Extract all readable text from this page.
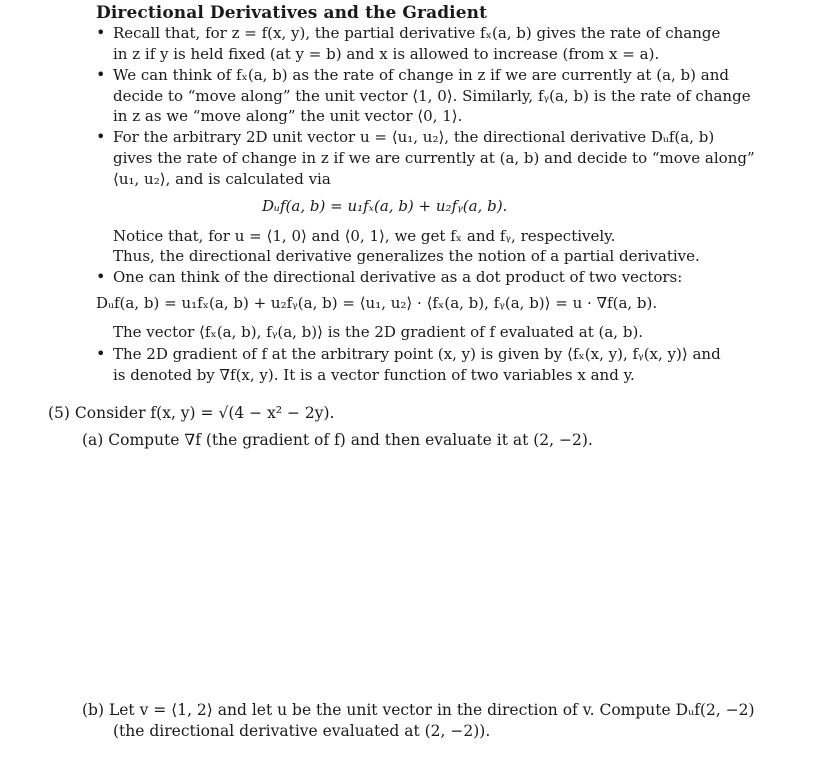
Directional Derivatives and the Gradient
• Recall that, for z = f(x, y), the partial derivative fₓ(a, b) gives the rate of change
in z if y is held fixed (at y = b) and x is allowed to increase (from x = a).
• We can think of fₓ(a, b) as the rate of change in z if we are currently at (a, b) and
decide to “move along” the unit vector ⟨1, 0⟩. Similarly, fᵧ(a, b) is the rate of change
in z as we “move along” the unit vector ⟨0, 1⟩.
• For the arbitrary 2D unit vector u = ⟨u₁, u₂⟩, the directional derivative Dᵤf(a, b)
gives the rate of change in z if we are currently at (a, b) and decide to “move along”
⟨u₁, u₂⟩, and is calculated via
Dᵤf(a, b) = u₁fₓ(a, b) + u₂fᵧ(a, b).
Notice that, for u = ⟨1, 0⟩ and ⟨0, 1⟩, we get fₓ and fᵧ, respectively.
Thus, the directional derivative generalizes the notion of a partial derivative.
• One can think of the directional derivative as a dot product of two vectors:
Dᵤf(a, b) = u₁fₓ(a, b) + u₂fᵧ(a, b) = ⟨u₁, u₂⟩ · ⟨fₓ(a, b), fᵧ(a, b)⟩ = u · ∇f(a, b).
The vector ⟨fₓ(a, b), fᵧ(a, b)⟩ is the 2D gradient of f evaluated at (a, b).
• The 2D gradient of f at the arbitrary point (x, y) is given by ⟨fₓ(x, y), fᵧ(x, y)⟩ and
is denoted by ∇f(x, y). It is a vector function of two variables x and y.
(5) Consider f(x, y) = √(4 − x² − 2y).
(a) Compute ∇f (the gradient of f) and then evaluate it at (2, −2).
(b) Let v = ⟨1, 2⟩ and let u be the unit vector in the direction of v. Compute Dᵤf(2, −2)
(the directional derivative evaluated at (2, −2)).
